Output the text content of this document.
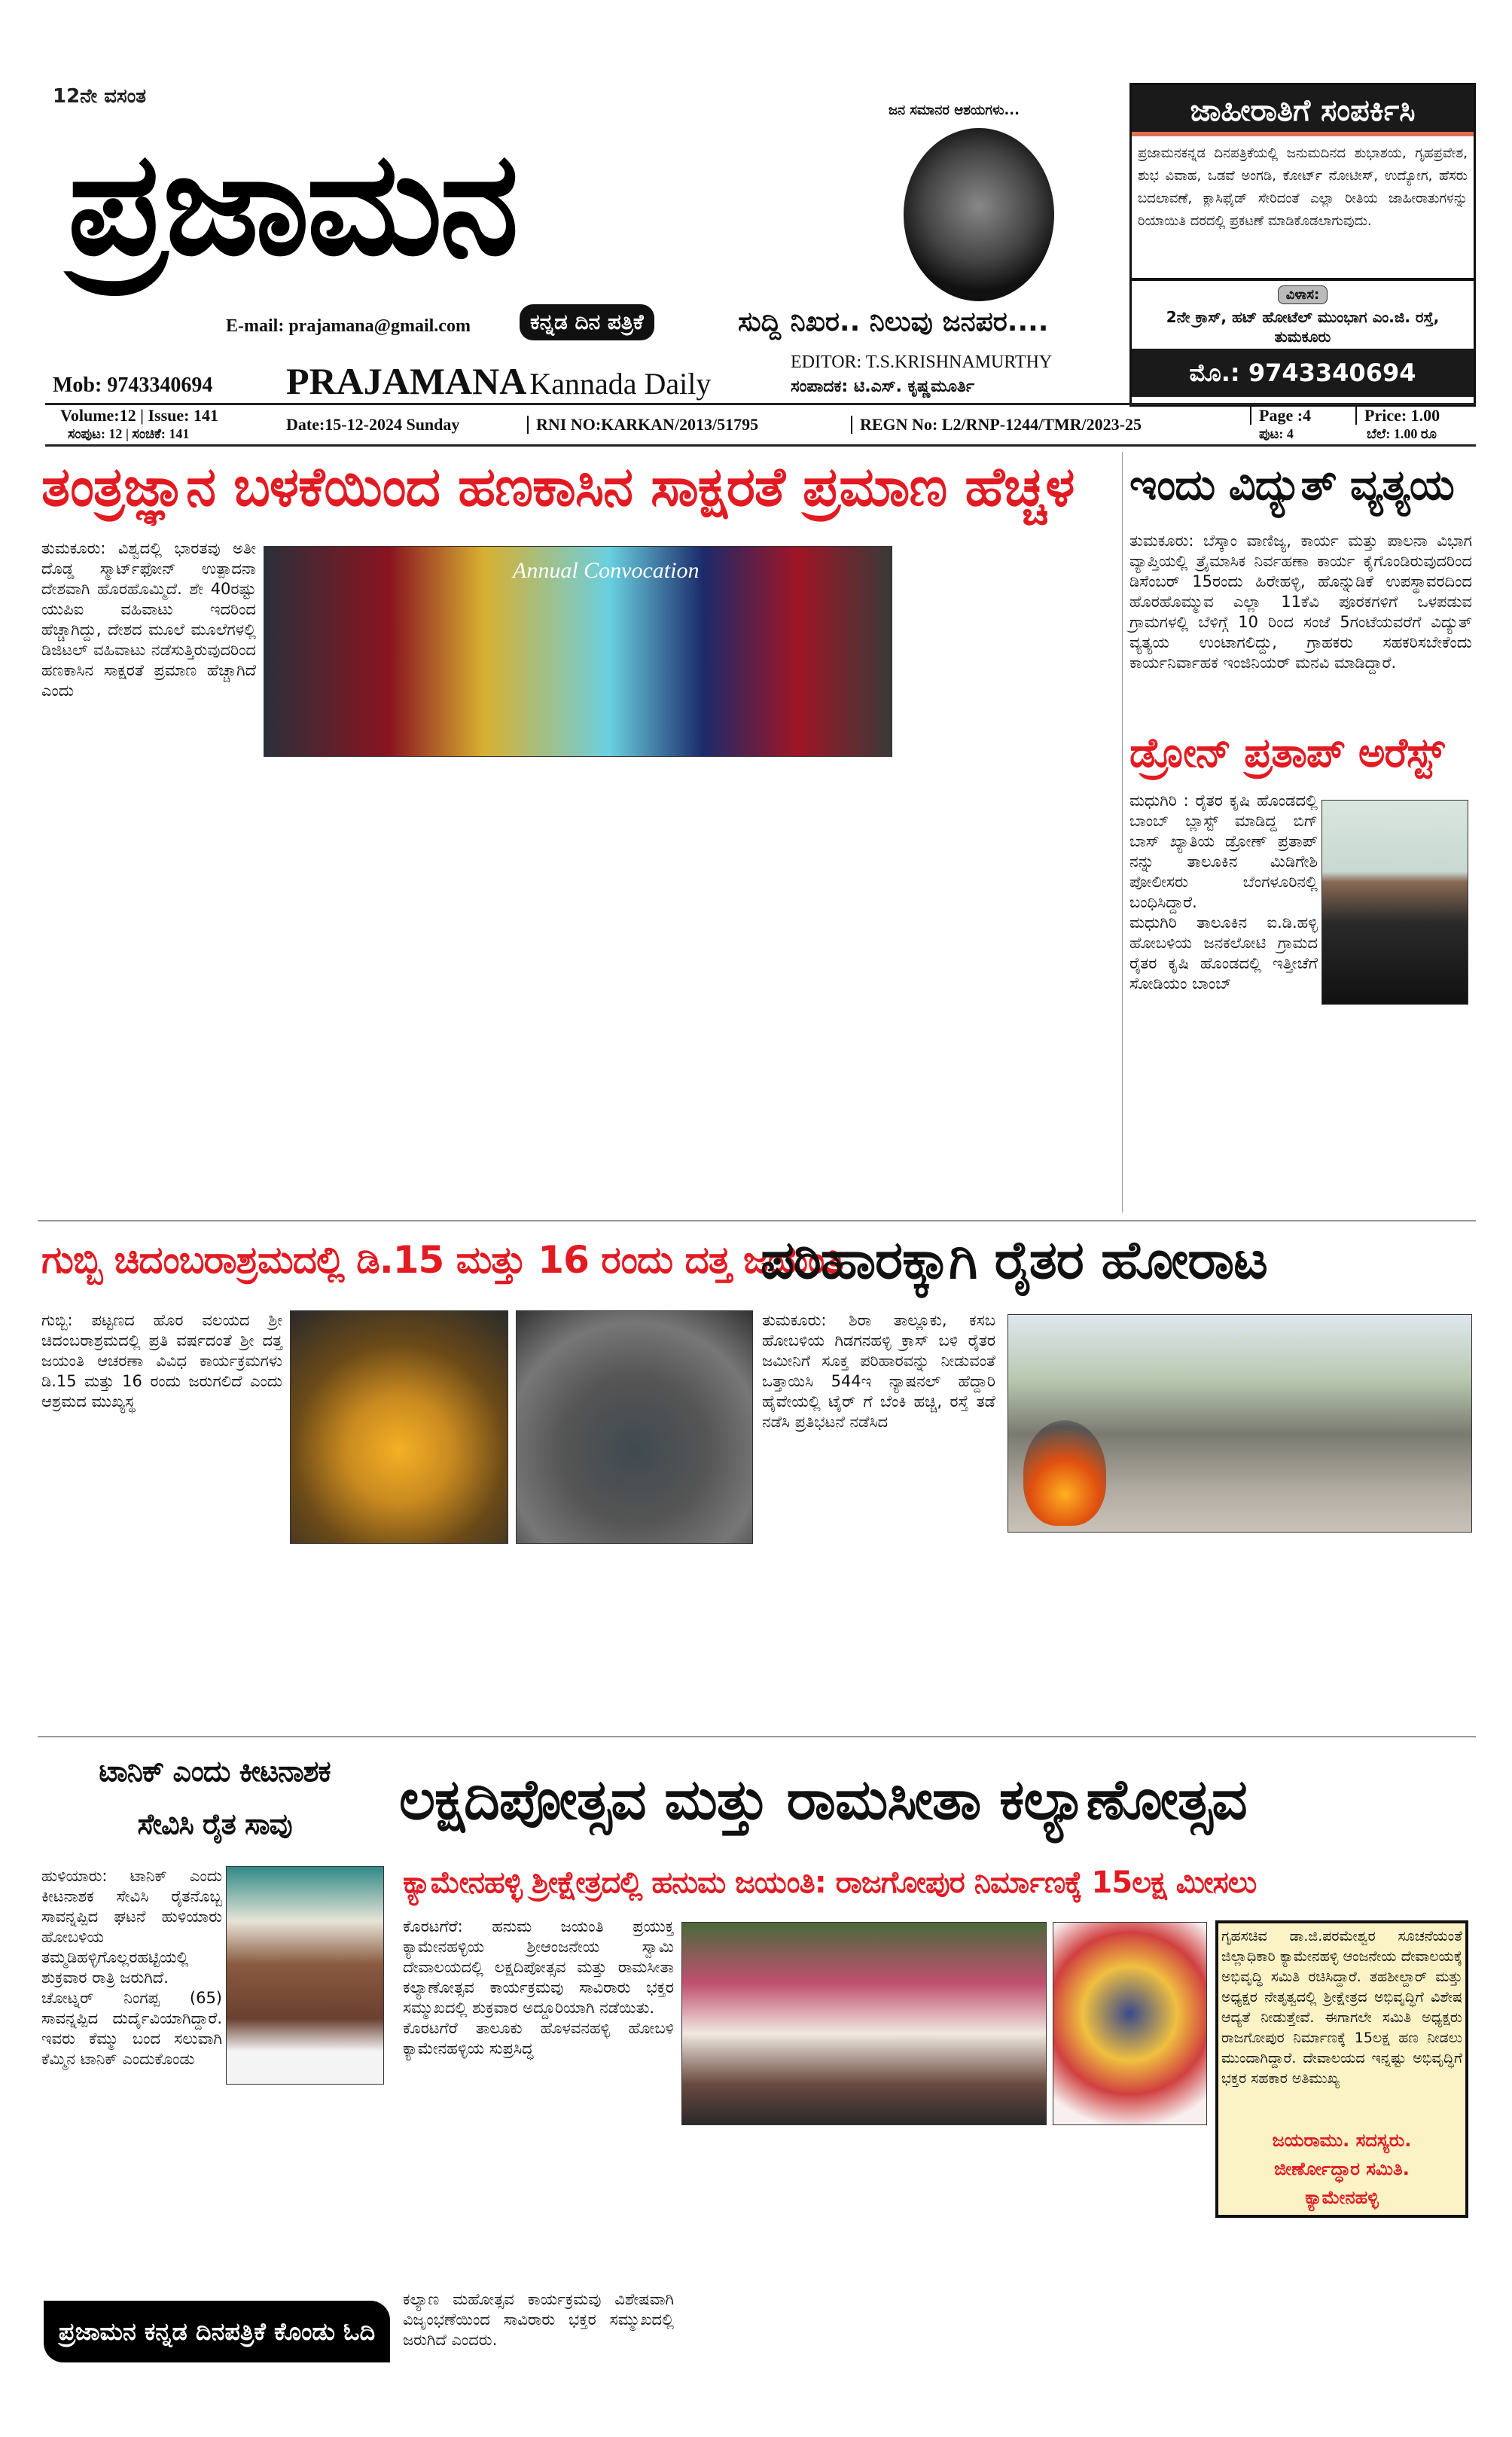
12ನೇ ವಸಂತ
ಜನ ಸಮಾನರ ಆಶಯಗಳು...
ಪ್ರಜಾಮನ
E-mail: prajamana@gmail.com	ಕನ್ನಡ ದಿನ ಪತ್ರಿಕೆ	ಸುದ್ದಿ ನಿಖರ.. ನಿಲುವು ಜನಪರ....
Mob: 9743340694 PRAJAMANA Kannada Daily
EDITOR: T.S.KRISHNAMURTHY
ಸಂಪಾದಕ: ಟಿ.ಎಸ್. ಕೃಷ್ಣಮೂರ್ತಿ
ಜಾಹೀರಾತಿಗೆ ಸಂಪರ್ಕಿಸಿ
ಪ್ರಜಾಮನಕನ್ನಡ ದಿನಪತ್ರಿಕೆಯಲ್ಲಿ ಜನುಮದಿನದ ಶುಭಾಶಯ, ಗೃಹಪ್ರವೇಶ, ಶುಭ ವಿವಾಹ, ಒಡವೆ ಅಂಗಡಿ, ಕೋರ್ಟ್ ನೋಟೀಸ್, ಉದ್ಯೋಗ, ಹೆಸರು ಬದಲಾವಣೆ, ಕ್ಲಾಸಿಫೈಡ್ ಸೇರಿದಂತೆ ಎಲ್ಲಾ ರೀತಿಯ ಜಾಹೀರಾತುಗಳನ್ನು ರಿಯಾಯಿತಿ ದರದಲ್ಲಿ ಪ್ರಕಟಣೆ ಮಾಡಿಕೊಡಲಾಗುವುದು.
ವಿಳಾಸ:
2ನೇ ಕ್ರಾಸ್, ಹಟ್ ಹೋಟೆಲ್ ಮುಂಭಾಗ ಎಂ.ಜಿ. ರಸ್ತೆ, ತುಮಕೂರು
ಮೊ.: 9743340694
Volume:12 | Issue: 141
ಸಂಪುಟ: 12 | ಸಂಚಿಕೆ: 141	Date:15-12-2024 Sunday	RNI NO:KARKAN/2013/51795	REGN No: L2/RNP-1244/TMR/2023-25	Page :4
ಪುಟ: 4
Price: 1.00
ಬೆಲೆ: 1.00 ರೂ
ತಂತ್ರಜ್ಞಾನ ಬಳಕೆಯಿಂದ ಹಣಕಾಸಿನ ಸಾಕ್ಷರತೆ ಪ್ರಮಾಣ ಹೆಚ್ಚಳ
ತುಮಕೂರು: ವಿಶ್ವದಲ್ಲಿ ಭಾರತವು ಅತೀ ದೊಡ್ಡ ಸ್ಮಾರ್ಟ್‌ಫೋನ್ ಉತ್ಪಾದನಾ ದೇಶವಾಗಿ ಹೊರಹೊಮ್ಮಿದೆ. ಶೇ 40ರಷ್ಟು ಯುಪಿಐ ವಹಿವಾಟು ಇದರಿಂದ ಹೆಚ್ಚಾಗಿದ್ದು, ದೇಶದ ಮೂಲೆ ಮೂಲೆಗಳಲ್ಲಿ ಡಿಜಿಟಲ್ ವಹಿವಾಟು ನಡೆಸುತ್ತಿರುವುದರಿಂದ ಹಣಕಾಸಿನ ಸಾಕ್ಷರತೆ ಪ್ರಮಾಣ ಹೆಚ್ಚಾಗಿದೆ ಎಂದು
Annual Convocation
ಇಂದು ವಿದ್ಯುತ್ ವ್ಯತ್ಯಯ
ತುಮಕೂರು: ಬೆಸ್ಕಾಂ ವಾಣಿಜ್ಯ, ಕಾರ್ಯ ಮತ್ತು ಪಾಲನಾ ವಿಭಾಗ ವ್ಯಾಪ್ತಿಯಲ್ಲಿ ತ್ರೈಮಾಸಿಕ ನಿರ್ವಹಣಾ ಕಾರ್ಯ ಕೈಗೊಂಡಿರುವುದರಿಂದ ಡಿಸೆಂಬರ್ 15ರಂದು ಹಿರೇಹಳ್ಳಿ, ಹೊನ್ನುಡಿಕೆ ಉಪಸ್ಥಾವರದಿಂದ ಹೊರಹೊಮ್ಮುವ ಎಲ್ಲಾ 11ಕೆವಿ ಪೂರಕಗಳಿಗೆ ಒಳಪಡುವ ಗ್ರಾಮಗಳಲ್ಲಿ ಬೆಳಿಗ್ಗೆ 10 ರಿಂದ ಸಂಜೆ 5ಗಂಟೆಯವರೆಗೆ ವಿದ್ಯುತ್ ವ್ಯತ್ಯಯ ಉಂಟಾಗಲಿದ್ದು, ಗ್ರಾಹಕರು ಸಹಕರಿಸಬೇಕೆಂದು ಕಾರ್ಯನಿರ್ವಾಹಕ ಇಂಜಿನಿಯರ್ ಮನವಿ ಮಾಡಿದ್ದಾರೆ.
ಡ್ರೋನ್ ಪ್ರತಾಪ್ ಅರೆಸ್ಟ್

ಮಧುಗಿರಿ : ರೈತರ ಕೃಷಿ ಹೊಂಡದಲ್ಲಿ ಬಾಂಬ್ ಬ್ಲಾಸ್ಟ್ ಮಾಡಿದ್ದ ಬಿಗ್ ಬಾಸ್ ಖ್ಯಾತಿಯ ಡ್ರೋಣ್ ಪ್ರತಾಪ್ ನನ್ನು ತಾಲೂಕಿನ ಮಿಡಿಗೇಶಿ ಪೋಲೀಸರು ಬೆಂಗಳೂರಿನಲ್ಲಿ ಬಂಧಿಸಿದ್ದಾರೆ.

ಮಧುಗಿರಿ ತಾಲೂಕಿನ ಐ.ಡಿ.ಹಳ್ಳಿ ಹೋಬಳಿಯ ಜನಕಲೋಟಿ ಗ್ರಾಮದ ರೈತರ ಕೃಷಿ ಹೊಂಡದಲ್ಲಿ ಇತ್ತೀಚೆಗೆ ಸೋಡಿಯಂ ಬಾಂಬ್

ಗುಬ್ಬಿ ಚಿದಂಬರಾಶ್ರಮದಲ್ಲಿ ಡಿ.15 ಮತ್ತು 16 ರಂದು ದತ್ತ ಜಯಂತಿ
ಗುಬ್ಬಿ: ಪಟ್ಟಣದ ಹೊರ ವಲಯದ ಶ್ರೀ ಚಿದಂಬರಾಶ್ರಮದಲ್ಲಿ ಪ್ರತಿ ವರ್ಷದಂತೆ ಶ್ರೀ ದತ್ತ ಜಯಂತಿ ಆಚರಣಾ ವಿವಿಧ ಕಾರ್ಯಕ್ರಮಗಳು ಡಿ.15 ಮತ್ತು 16 ರಂದು ಜರುಗಲಿದೆ ಎಂದು ಆಶ್ರಮದ ಮುಖ್ಯಸ್ಥ
ಪರಿಹಾರಕ್ಕಾಗಿ ರೈತರ ಹೋರಾಟ
ತುಮಕೂರು: ಶಿರಾ ತಾಲ್ಲೂಕು, ಕಸಬ ಹೋಬಳಿಯ ಗಿಡಗನಹಳ್ಳಿ ಕ್ರಾಸ್ ಬಳಿ ರೈತರ ಜಮೀನಿಗೆ ಸೂಕ್ತ ಪರಿಹಾರವನ್ನು ನೀಡುವಂತೆ ಒತ್ತಾಯಿಸಿ 544ಇ ನ್ಯಾಷನಲ್ ಹೆದ್ದಾರಿ ಹೈವೇಯಲ್ಲಿ ಟೈರ್ ಗೆ ಬೆಂಕಿ ಹಚ್ಚಿ, ರಸ್ತೆ ತಡೆ ನಡೆಸಿ ಪ್ರತಿಭಟನೆ ನಡೆಸಿದ
ಟಾನಿಕ್ ಎಂದು ಕೀಟನಾಶಕ
ಸೇವಿಸಿ ರೈತ ಸಾವು

ಹುಳಿಯಾರು: ಟಾನಿಕ್ ಎಂದು ಕೀಟನಾಶಕ ಸೇವಿಸಿ ರೈತನೊಬ್ಬ ಸಾವನ್ನಪ್ಪಿದ ಘಟನೆ ಹುಳಿಯಾರು ಹೋಬಳಿಯ ತಮ್ಮಡಿಹಳ್ಳಿಗೊಲ್ಲರಹಟ್ಟಿಯಲ್ಲಿ ಶುಕ್ರವಾರ ರಾತ್ರಿ ಜರುಗಿದೆ.

ಚೋಟ್ನರ್ ನಿಂಗಪ್ಪ (65) ಸಾವನ್ನಪ್ಪಿದ ದುರ್ದೈವಿಯಾಗಿದ್ದಾರೆ. ಇವರು ಕೆಮ್ಮು ಬಂದ ಸಲುವಾಗಿ ಕೆಮ್ಮಿನ ಟಾನಿಕ್ ಎಂದುಕೊಂಡು

ಪ್ರಜಾಮನ ಕನ್ನಡ ದಿನಪತ್ರಿಕೆ ಕೊಂಡು ಓದಿ
ಲಕ್ಷದಿಪೋತ್ಸವ ಮತ್ತು ರಾಮಸೀತಾ ಕಲ್ಯಾಣೋತ್ಸವ
ಕ್ಯಾಮೇನಹಳ್ಳಿ ಶ್ರೀಕ್ಷೇತ್ರದಲ್ಲಿ ಹನುಮ ಜಯಂತಿ: ರಾಜಗೋಪುರ ನಿರ್ಮಾಣಕ್ಕೆ 15ಲಕ್ಷ ಮೀಸಲು

ಕೊರಟಗೆರೆ: ಹನುಮ ಜಯಂತಿ ಪ್ರಯುಕ್ತ ಕ್ಯಾಮೇನಹಳ್ಳಿಯ ಶ್ರೀಆಂಜನೇಯ ಸ್ವಾಮಿ ದೇವಾಲಯದಲ್ಲಿ ಲಕ್ಷದಿಪೋತ್ಸವ ಮತ್ತು ರಾಮಸೀತಾ ಕಲ್ಯಾಣೋತ್ಸವ ಕಾರ್ಯಕ್ರಮವು ಸಾವಿರಾರು ಭಕ್ತರ ಸಮ್ಮುಖದಲ್ಲಿ ಶುಕ್ರವಾರ ಅದ್ದೂರಿಯಾಗಿ ನಡೆಯಿತು.

ಕೊರಟಗೆರೆ ತಾಲೂಕು ಹೊಳವನಹಳ್ಳಿ ಹೋಬಳಿ ಕ್ಯಾಮೇನಹಳ್ಳಿಯ ಸುಪ್ರಸಿದ್ಧ

ಕಲ್ಯಾಣ ಮಹೋತ್ಸವ ಕಾರ್ಯಕ್ರಮವು ವಿಶೇಷವಾಗಿ ವಿಜೃಂಭಣೆಯಿಂದ ಸಾವಿರಾರು ಭಕ್ತರ ಸಮ್ಮುಖದಲ್ಲಿ ಜರುಗಿದೆ ಎಂದರು.
ಗೃಹಸಚಿವ ಡಾ.ಜಿ.ಪರಮೇಶ್ವರ ಸೂಚನೆಯಂತೆ ಜಿಲ್ಲಾಧಿಕಾರಿ ಕ್ಯಾಮೇನಹಳ್ಳಿ ಆಂಜನೇಯ ದೇವಾಲಯಕ್ಕೆ ಅಭಿವೃದ್ಧಿ ಸಮಿತಿ ರಚಿಸಿದ್ದಾರೆ. ತಹಶೀಲ್ದಾರ್ ಮತ್ತು ಅಧ್ಯಕ್ಷರ ನೇತೃತ್ವದಲ್ಲಿ ಶ್ರೀಕ್ಷೇತ್ರದ ಅಭಿವೃದ್ಧಿಗೆ ವಿಶೇಷ ಆದ್ಯತೆ ನೀಡುತ್ತೇವೆ. ಈಗಾಗಲೇ ಸಮಿತಿ ಅಧ್ಯಕ್ಷರು ರಾಜಗೋಪುರ ನಿರ್ಮಾಣಕ್ಕೆ 15ಲಕ್ಷ ಹಣ ನೀಡಲು ಮುಂದಾಗಿದ್ದಾರೆ. ದೇವಾಲಯದ ಇನ್ನಷ್ಟು ಅಭಿವೃದ್ಧಿಗೆ ಭಕ್ತರ ಸಹಕಾರ ಅತಿಮುಖ್ಯ
ಜಯರಾಮು. ಸದಸ್ಯರು.
ಜೀರ್ಣೋದ್ಧಾರ ಸಮಿತಿ.
ಕ್ಯಾಮೇನಹಳ್ಳಿ
